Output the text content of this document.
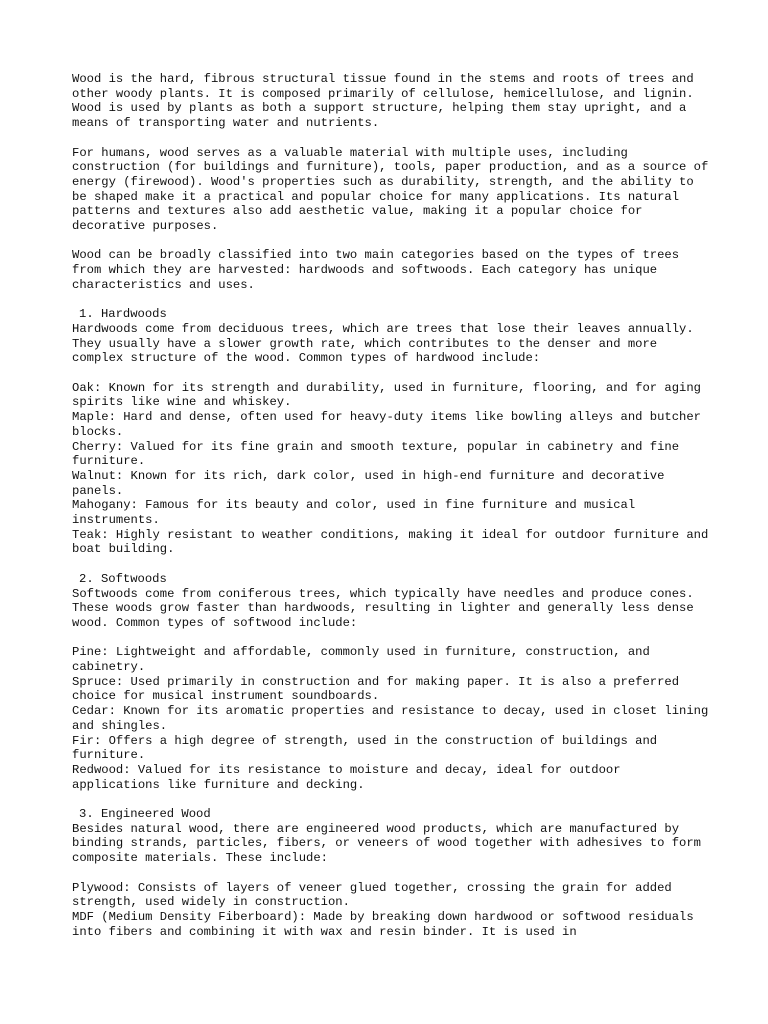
Wood is the hard, fibrous structural tissue found in the stems and roots of trees and other woody plants. It is composed primarily of cellulose, hemicellulose, and lignin. Wood is used by plants as both a support structure, helping them stay upright, and a means of transporting water and nutrients.

For humans, wood serves as a valuable material with multiple uses, including construction (for buildings and furniture), tools, paper production, and as a source of energy (firewood). Wood's properties such as durability, strength, and the ability to be shaped make it a practical and popular choice for many applications. Its natural patterns and textures also add aesthetic value, making it a popular choice for decorative purposes.

Wood can be broadly classified into two main categories based on the types of trees from which they are harvested: hardwoods and softwoods. Each category has unique characteristics and uses.

1. Hardwoods

Hardwoods come from deciduous trees, which are trees that lose their leaves annually. They usually have a slower growth rate, which contributes to the denser and more complex structure of the wood. Common types of hardwood include:

Oak: Known for its strength and durability, used in furniture, flooring, and for aging spirits like wine and whiskey.

Maple: Hard and dense, often used for heavy-duty items like bowling alleys and butcher blocks.

Cherry: Valued for its fine grain and smooth texture, popular in cabinetry and fine furniture.

Walnut: Known for its rich, dark color, used in high-end furniture and decorative panels.

Mahogany: Famous for its beauty and color, used in fine furniture and musical instruments.

Teak: Highly resistant to weather conditions, making it ideal for outdoor furniture and boat building.

2. Softwoods

Softwoods come from coniferous trees, which typically have needles and produce cones. These woods grow faster than hardwoods, resulting in lighter and generally less dense wood. Common types of softwood include:

Pine: Lightweight and affordable, commonly used in furniture, construction, and cabinetry.

Spruce: Used primarily in construction and for making paper. It is also a preferred choice for musical instrument soundboards.

Cedar: Known for its aromatic properties and resistance to decay, used in closet lining and shingles.

Fir: Offers a high degree of strength, used in the construction of buildings and furniture.

Redwood: Valued for its resistance to moisture and decay, ideal for outdoor applications like furniture and decking.

3. Engineered Wood

Besides natural wood, there are engineered wood products, which are manufactured by binding strands, particles, fibers, or veneers of wood together with adhesives to form composite materials. These include:

Plywood: Consists of layers of veneer glued together, crossing the grain for added strength, used widely in construction.

MDF (Medium Density Fiberboard): Made by breaking down hardwood or softwood residuals into fibers and combining it with wax and resin binder. It is used in
